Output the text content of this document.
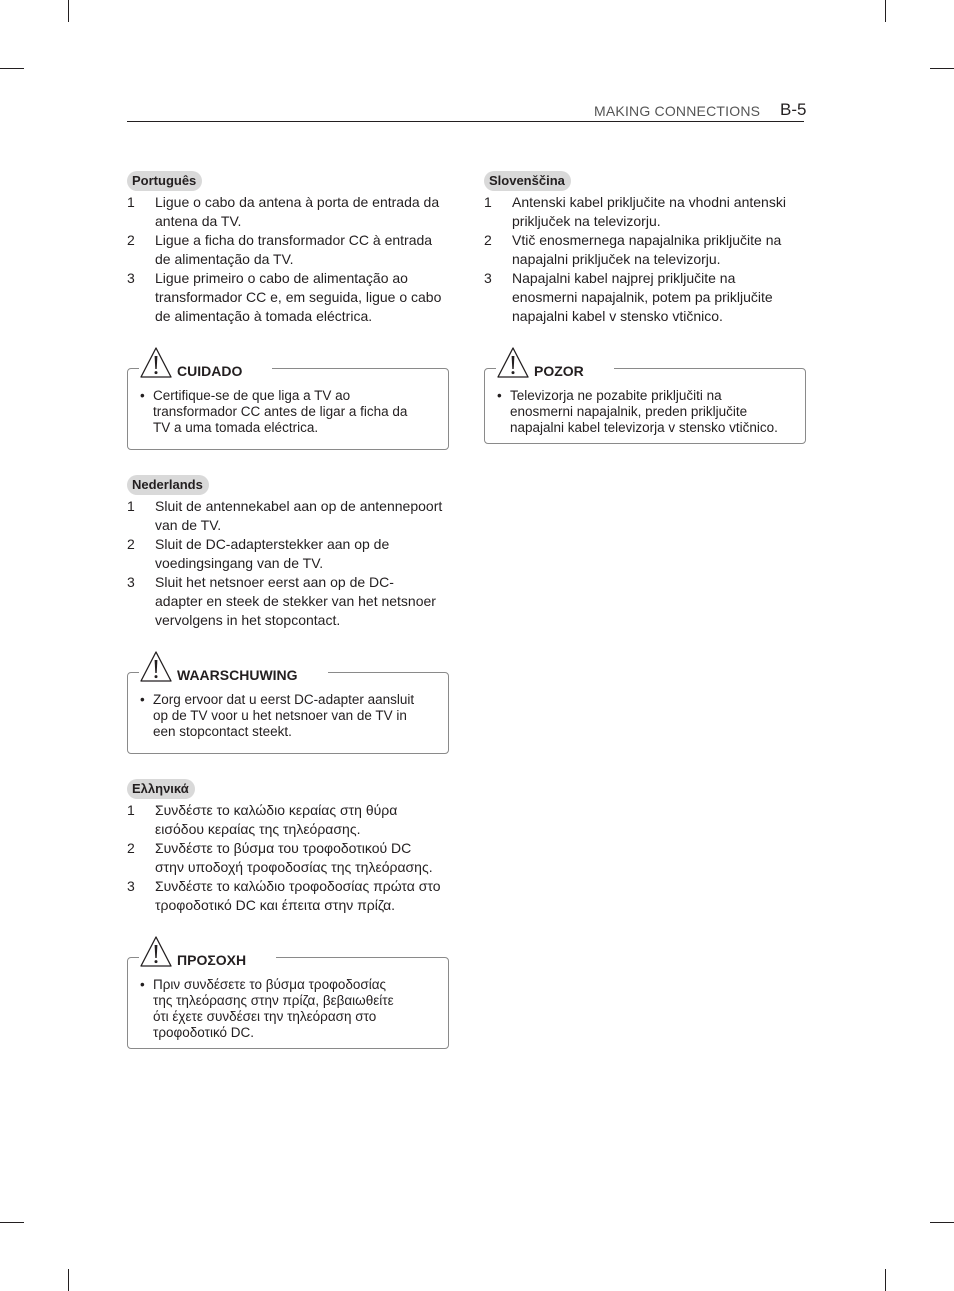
MAKING CONNECTIONS B-5
Português
1	Ligue o cabo da antena à porta de entrada da
antena da TV.
2	Ligue a ficha do transformador CC à entrada
de alimentação da TV.
3	Ligue primeiro o cabo de alimentação ao
transformador CC e, em seguida, ligue o cabo
de alimentação à tomada eléctrica.
CUIDADO
• Certifique-se de que liga a TV ao
transformador CC antes de ligar a ficha da
TV a uma tomada eléctrica.
Nederlands
1	Sluit de antennekabel aan op de antennepoort
van de TV.
2	Sluit de DC-adapterstekker aan op de
voedingsingang van de TV.
3	Sluit het netsnoer eerst aan op de DC-
adapter en steek de stekker van het netsnoer
vervolgens in het stopcontact.
WAARSCHUWING
• Zorg ervoor dat u eerst DC-adapter aansluit
op de TV voor u het netsnoer van de TV in
een stopcontact steekt.
Ελληνικά
1	Συνδέστε το καλώδιο κεραίας στη θύρα
εισόδου κεραίας της τηλεόρασης.
2	Συνδέστε το βύσμα του τροφοδοτικού DC
στην υποδοχή τροφοδοσίας της τηλεόρασης.
3	Συνδέστε το καλώδιο τροφοδοσίας πρώτα στο
τροφοδοτικό DC και έπειτα στην πρίζα.
ΠΡΟΣΟΧΗ
• Πριν συνδέσετε το βύσμα τροφοδοσίας
της τηλεόρασης στην πρίζα, βεβαιωθείτε
ότι έχετε συνδέσει την τηλεόραση στο
τροφοδοτικό DC.
Slovenščina
1	Antenski kabel priključite na vhodni antenski
priključek na televizorju.
2	Vtič enosmernega napajalnika priključite na
napajalni priključek na televizorju.
3	Napajalni kabel najprej priključite na
enosmerni napajalnik, potem pa priključite
napajalni kabel v stensko vtičnico.
POZOR
• Televizorja ne pozabite priključiti na
enosmerni napajalnik, preden priključite
napajalni kabel televizorja v stensko vtičnico.
